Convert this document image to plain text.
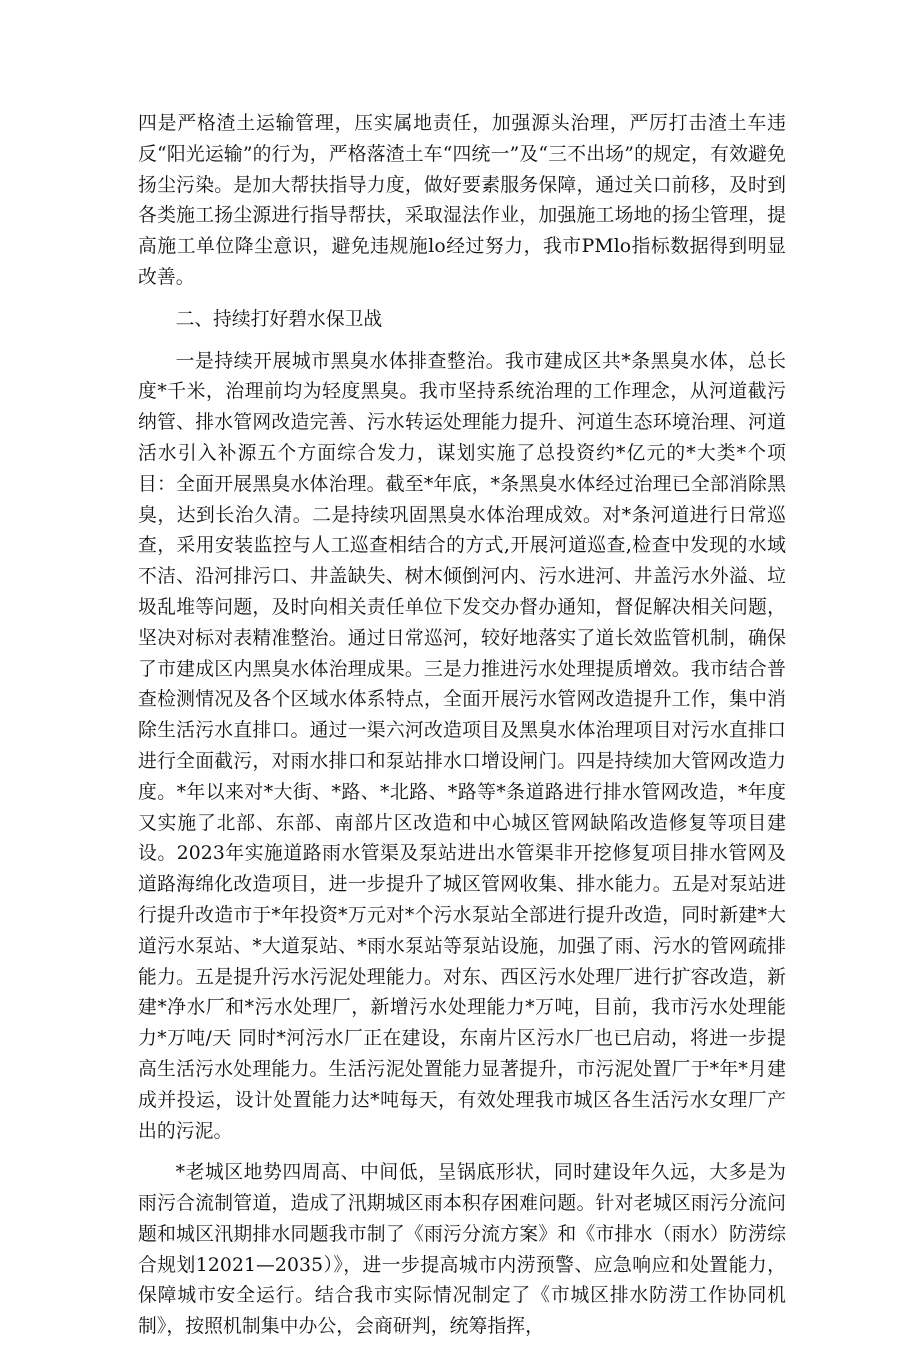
四是严格渣土运输管理，压实属地责任，加强源头治理，严厉打击渣土车违反“阳光运输”的行为，严格落渣土车“四统一”及“三不出场”的规定，有效避免扬尘污染。是加大帮扶指导力度，做好要素服务保障，通过关口前移，及时到各类施工扬尘源进行指导帮扶，采取湿法作业，加强施工场地的扬尘管理，提高施工单位降尘意识，避免违规施lo经过努力，我市PMlo指标数据得到明显改善。

二、持续打好碧水保卫战

一是持续开展城市黑臭水体排查整治。我市建成区共*条黑臭水体，总长度*千米，治理前均为轻度黑臭。我市坚持系统治理的工作理念，从河道截污纳管、排水管网改造完善、污水转运处理能力提升、河道生态环境治理、河道活水引入补源五个方面综合发力，谋划实施了总投资约*亿元的*大类*个项目：全面开展黑臭水体治理。截至*年底，*条黑臭水体经过治理已全部消除黑臭，达到长治久清。二是持续巩固黑臭水体治理成效。对*条河道进行日常巡查，采用安装监控与人工巡查相结合的方式,开展河道巡查,检查中发现的水域不洁、沿河排污口、井盖缺失、树木倾倒河内、污水进河、井盖污水外溢、垃圾乱堆等问题，及时向相关责任单位下发交办督办通知，督促解决相关问题，坚决对标对表精准整治。通过日常巡河，较好地落实了道长效监管机制，确保了市建成区内黑臭水体治理成果。三是力推进污水处理提质增效。我市结合普查检测情况及各个区域水体系特点，全面开展污水管网改造提升工作，集中消除生活污水直排口。通过一渠六河改造项目及黑臭水体治理项目对污水直排口进行全面截污，对雨水排口和泵站排水口增设闸门。四是持续加大管网改造力度。*年以来对*大街、*路、*北路、*路等*条道路进行排水管网改造，*年度又实施了北部、东部、南部片区改造和中心城区管网缺陷改造修复等项目建设。2023年实施道路雨水管渠及泵站进出水管渠非开挖修复项目排水管网及道路海绵化改造项目，进一步提升了城区管网收集、排水能力。五是对泵站进行提升改造市于*年投资*万元对*个污水泵站全部进行提升改造，同时新建*大道污水泵站、*大道泵站、*雨水泵站等泵站设施，加强了雨、污水的管网疏排能力。五是提升污水污泥处理能力。对东、西区污水处理厂进行扩容改造，新建*净水厂和*污水处理厂，新增污水处理能力*万吨，目前，我市污水处理能力*万吨/天 同时*河污水厂正在建设，东南片区污水厂也已启动，将进一步提高生活污水处理能力。生活污泥处置能力显著提升，市污泥处置厂于*年*月建成并投运，设计处置能力达*吨每天，有效处理我市城区各生活污水女理厂产出的污泥。

*老城区地势四周高、中间低，呈锅底形状，同时建设年久远，大多是为雨污合流制管道，造成了汛期城区雨本积存困难问题。针对老城区雨污分流问题和城区汛期排水同题我市制了《雨污分流方案》和《市排水（雨水）防涝综合规划12021—2035）》，进一步提高城市内涝预警、应急响应和处置能力，保障城市安全运行。结合我市实际情况制定了《市城区排水防涝工作协同机制》，按照机制集中办公，会商研判，统筹指挥，
